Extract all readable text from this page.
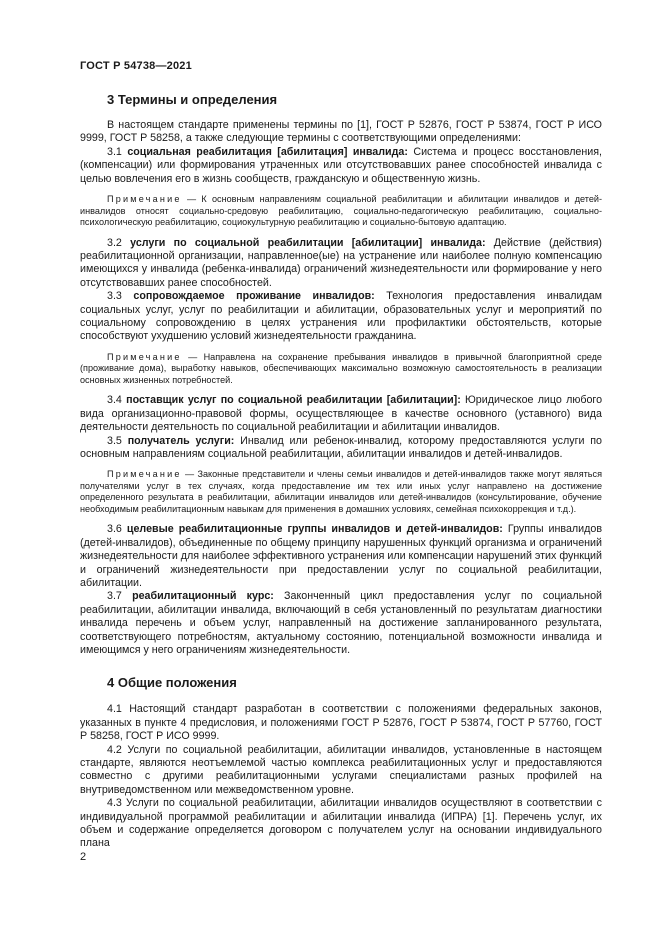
ГОСТ Р 54738—2021
3 Термины и определения

В настоящем стандарте применены термины по [1], ГОСТ Р 52876, ГОСТ Р 53874, ГОСТ Р ИСО 9999, ГОСТ Р 58258, а также следующие термины с соответствующими определениями:

3.1 социальная реабилитация [абилитация] инвалида: Система и процесс восстановления, (компенсации) или формирования утраченных или отсутствовавших ранее способностей инвалида с целью вовлечения его в жизнь сообществ, гражданскую и общественную жизнь.

Примечание — К основным направлениям социальной реабилитации и абилитации инвалидов и детей-инвалидов относят социально-средовую реабилитацию, социально-педагогическую реабилитацию, социально-психологическую реабилитацию, социокультурную реабилитацию и социально-бытовую адаптацию.

3.2 услуги по социальной реабилитации [абилитации] инвалида: Действие (действия) реабилитационной организации, направленное(ые) на устранение или наиболее полную компенсацию имеющихся у инвалида (ребенка-инвалида) ограничений жизнедеятельности или формирование у него отсутствовавших ранее способностей.

3.3 сопровождаемое проживание инвалидов: Технология предоставления инвалидам социальных услуг, услуг по реабилитации и абилитации, образовательных услуг и мероприятий по социальному сопровождению в целях устранения или профилактики обстоятельств, которые способствуют ухудшению условий жизнедеятельности гражданина.

Примечание — Направлена на сохранение пребывания инвалидов в привычной благоприятной среде (проживание дома), выработку навыков, обеспечивающих максимально возможную самостоятельность в реализации основных жизненных потребностей.

3.4 поставщик услуг по социальной реабилитации [абилитации]: Юридическое лицо любого вида организационно-правовой формы, осуществляющее в качестве основного (уставного) вида деятельности деятельность по социальной реабилитации и абилитации инвалидов.

3.5 получатель услуги: Инвалид или ребенок-инвалид, которому предоставляются услуги по основным направлениям социальной реабилитации, абилитации инвалидов и детей-инвалидов.

Примечание — Законные представители и члены семьи инвалидов и детей-инвалидов также могут являться получателями услуг в тех случаях, когда предоставление им тех или иных услуг направлено на достижение определенного результата в реабилитации, абилитации инвалидов или детей-инвалидов (консультирование, обучение необходимым реабилитационным навыкам для применения в домашних условиях, семейная психокоррекция и т.д.).

3.6 целевые реабилитационные группы инвалидов и детей-инвалидов: Группы инвалидов (детей-инвалидов), объединенные по общему принципу нарушенных функций организма и ограничений жизнедеятельности для наиболее эффективного устранения или компенсации нарушений этих функций и ограничений жизнедеятельности при предоставлении услуг по социальной реабилитации, абилитации.

3.7 реабилитационный курс: Законченный цикл предоставления услуг по социальной реабилитации, абилитации инвалида, включающий в себя установленный по результатам диагностики инвалида перечень и объем услуг, направленный на достижение запланированного результата, соответствующего потребностям, актуальному состоянию, потенциальной возможности инвалида и имеющимся у него ограничениям жизнедеятельности.

4 Общие положения

4.1 Настоящий стандарт разработан в соответствии с положениями федеральных законов, указанных в пункте 4 предисловия, и положениями ГОСТ Р 52876, ГОСТ Р 53874, ГОСТ Р 57760, ГОСТ Р 58258, ГОСТ Р ИСО 9999.

4.2 Услуги по социальной реабилитации, абилитации инвалидов, установленные в настоящем стандарте, являются неотъемлемой частью комплекса реабилитационных услуг и предоставляются совместно с другими реабилитационными услугами специалистами разных профилей на внутриведомственном или межведомственном уровне.

4.3 Услуги по социальной реабилитации, абилитации инвалидов осуществляют в соответствии с индивидуальной программой реабилитации и абилитации инвалида (ИПРА) [1]. Перечень услуг, их объем и содержание определяется договором с получателем услуг на основании индивидуального плана

2
